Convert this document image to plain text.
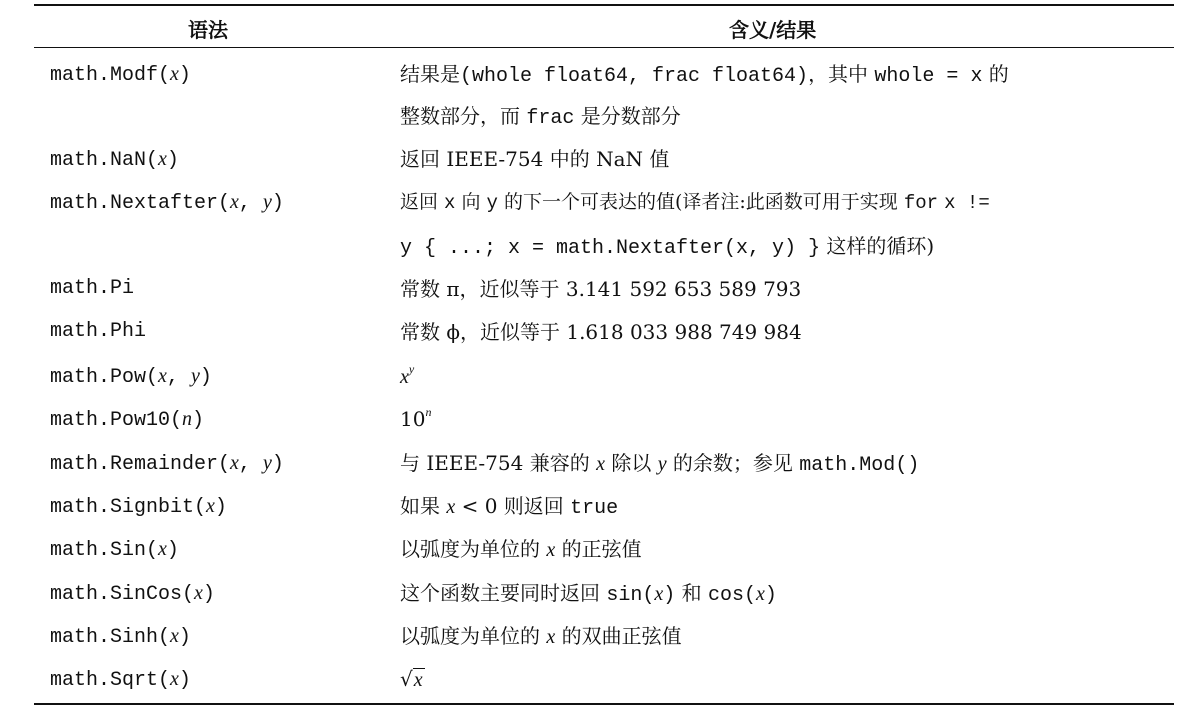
语法	含义/结果
math.Modf(x)	结果是(whole float64, frac float64)，其中 whole = x 的
整数部分，而 frac 是分数部分
math.NaN(x)	返回 IEEE-754 中的 NaN 值
math.Nextafter(x, y)	返回 x 向 y 的下一个可表达的值(译者注:此函数可用于实现 for x !=
y { ...; x = math.Nextafter(x, y) } 这样的循环)
math.Pi	常数 π，近似等于 3.141 592 653 589 793
math.Phi	常数 ϕ，近似等于 1.618 033 988 749 984
math.Pow(x, y)	$x^y$
math.Pow10(n)	10$^n$
math.Remainder(x, y)	与 IEEE-754 兼容的 x 除以 y 的余数；参见 math.Mod()
math.Signbit(x)	如果 x < 0 则返回 true
math.Sin(x)	以弧度为单位的 x 的正弦值
math.SinCos(x)	这个函数主要同时返回 sin(x) 和 cos(x)
math.Sinh(x)	以弧度为单位的 x 的双曲正弦值
math.Sqrt(x)	√x
